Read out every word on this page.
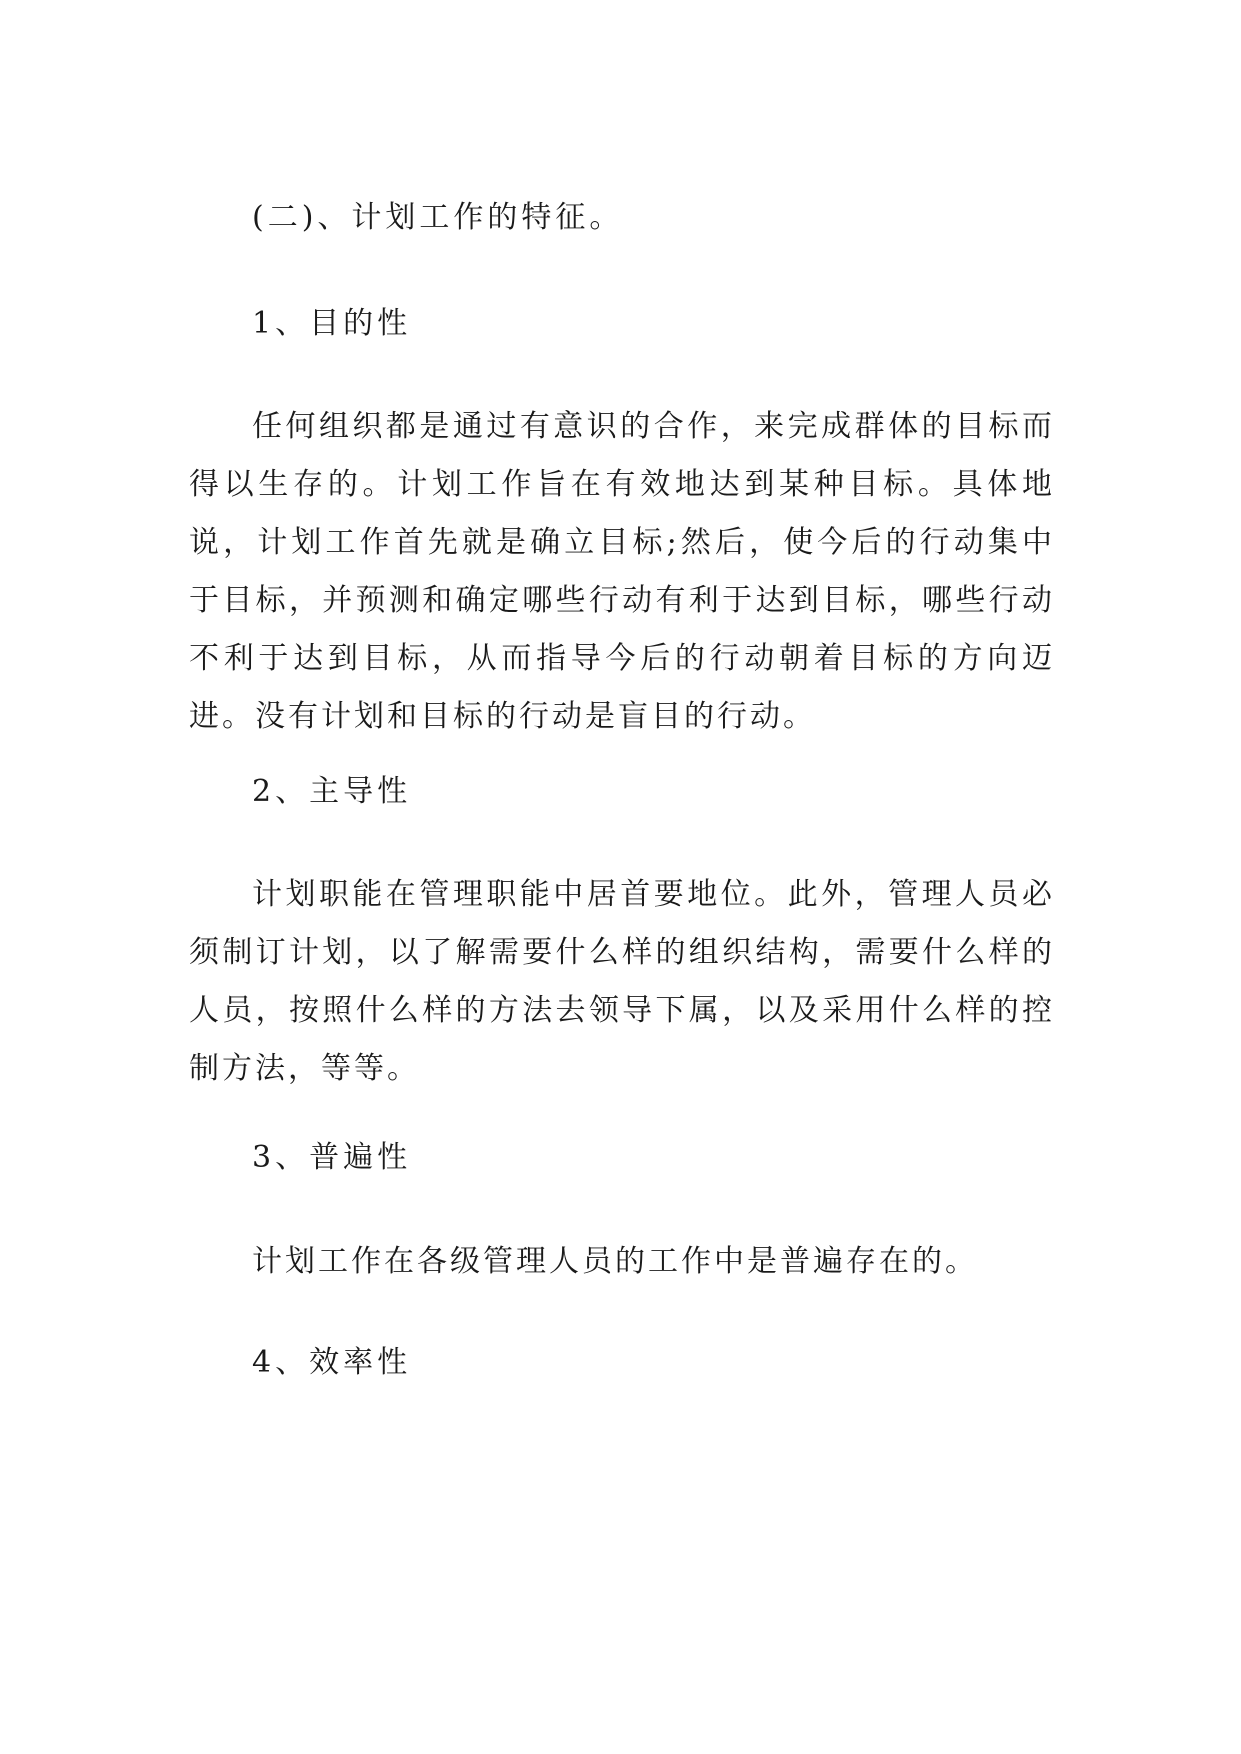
(二)、计划工作的特征。
1、目的性
任何组织都是通过有意识的合作，来完成群体的目标而得以生存的。计划工作旨在有效地达到某种目标。具体地说，计划工作首先就是确立目标;然后，使今后的行动集中于目标，并预测和确定哪些行动有利于达到目标，哪些行动不利于达到目标，从而指导今后的行动朝着目标的方向迈进。没有计划和目标的行动是盲目的行动。
2、主导性
计划职能在管理职能中居首要地位。此外，管理人员必须制订计划，以了解需要什么样的组织结构，需要什么样的人员，按照什么样的方法去领导下属，以及采用什么样的控制方法，等等。
3、普遍性
计划工作在各级管理人员的工作中是普遍存在的。
4、效率性
